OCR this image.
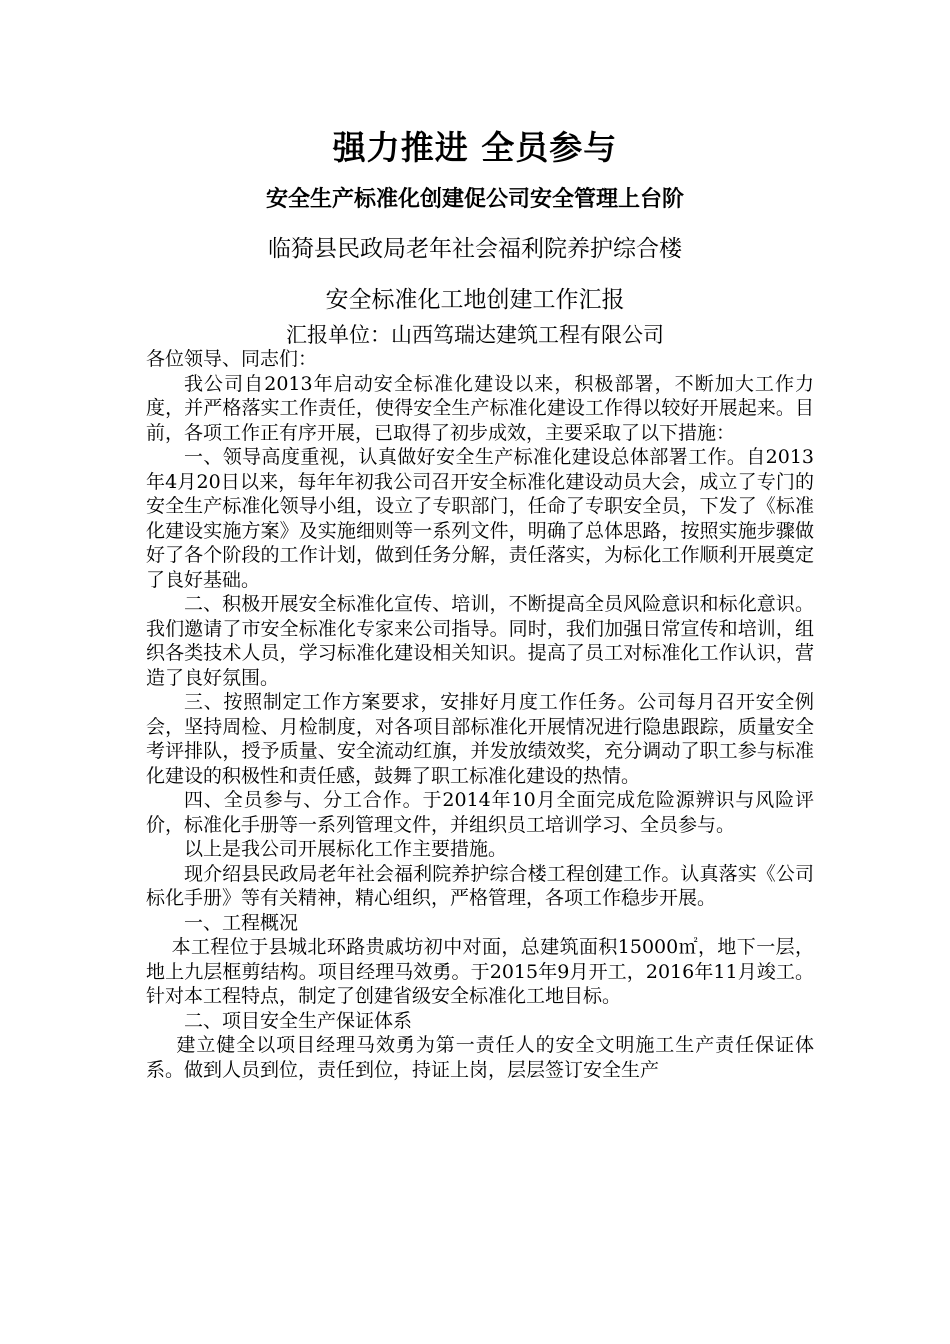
强力推进 全员参与
安全生产标准化创建促公司安全管理上台阶
临猗县民政局老年社会福利院养护综合楼
安全标准化工地创建工作汇报
汇报单位：山西笃瑞达建筑工程有限公司

各位领导、同志们：

我公司自2013年启动安全标准化建设以来，积极部署，不断加大工作力度，并严格落实工作责任，使得安全生产标准化建设工作得以较好开展起来。目前，各项工作正有序开展，已取得了初步成效，主要采取了以下措施：

一、领导高度重视，认真做好安全生产标准化建设总体部署工作。自2013年4月20日以来，每年年初我公司召开安全标准化建设动员大会，成立了专门的安全生产标准化领导小组，设立了专职部门，任命了专职安全员，下发了《标准化建设实施方案》及实施细则等一系列文件，明确了总体思路，按照实施步骤做好了各个阶段的工作计划，做到任务分解，责任落实，为标化工作顺利开展奠定了良好基础。

二、积极开展安全标准化宣传、培训，不断提高全员风险意识和标化意识。我们邀请了市安全标准化专家来公司指导。同时，我们加强日常宣传和培训，组织各类技术人员，学习标准化建设相关知识。提高了员工对标准化工作认识，营造了良好氛围。

三、按照制定工作方案要求，安排好月度工作任务。公司每月召开安全例会，坚持周检、月检制度，对各项目部标准化开展情况进行隐患跟踪，质量安全考评排队，授予质量、安全流动红旗，并发放绩效奖，充分调动了职工参与标准化建设的积极性和责任感，鼓舞了职工标准化建设的热情。

四、全员参与、分工合作。于2014年10月全面完成危险源辨识与风险评价，标准化手册等一系列管理文件，并组织员工培训学习、全员参与。

以上是我公司开展标化工作主要措施。

现介绍县民政局老年社会福利院养护综合楼工程创建工作。认真落实《公司标化手册》等有关精神，精心组织，严格管理，各项工作稳步开展。

一、工程概况

本工程位于县城北环路贵戚坊初中对面，总建筑面积15000㎡，地下一层，地上九层框剪结构。项目经理马效勇。于2015年9月开工，2016年11月竣工。针对本工程特点，制定了创建省级安全标准化工地目标。

二、项目安全生产保证体系

建立健全以项目经理马效勇为第一责任人的安全文明施工生产责任保证体系。做到人员到位，责任到位，持证上岗，层层签订安全生产
